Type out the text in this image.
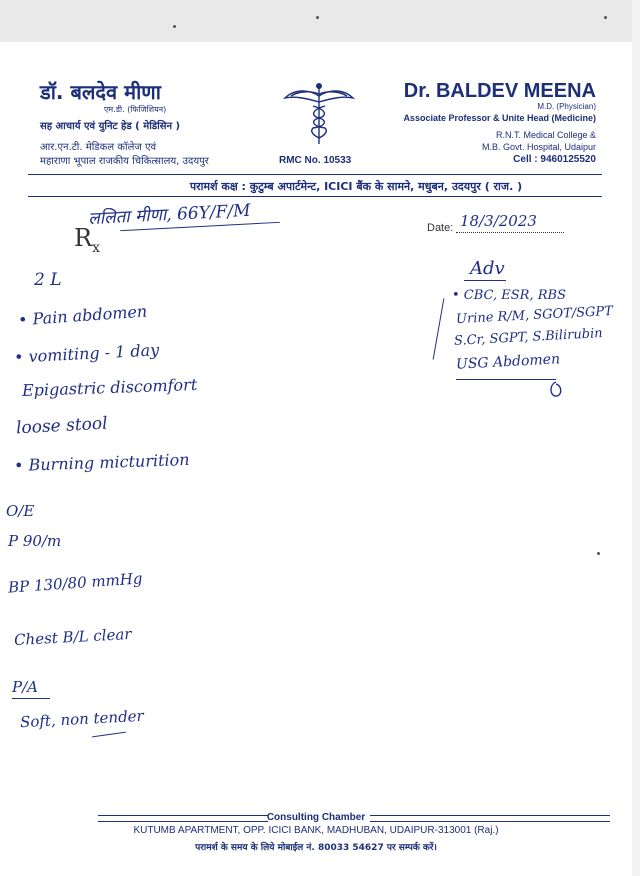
डॉ. बलदेव मीणा
एम.डी. (फिजिशियन)
सह आचार्य एवं युनिट हेड ( मेडिसिन )
आर.एन.टी. मेडिकल कॉलेज एवं
महाराणा भूपाल राजकीय चिकित्सालय, उदयपुर	RMC No. 10533
Dr. BALDEV MEENA
M.D. (Physician)
Associate Professor & Unite Head (Medicine)
R.N.T. Medical College &
M.B. Govt. Hospital, Udaipur
Cell : 9460125520
परामर्श कक्ष : कुटुम्ब अपार्टमेन्ट, ICICI बैंक के सामने, मधुबन, उदयपुर ( राज. )
$R_x$
Date: 18/3/2023
ललिता मीणा, 66Y/F/M
2 L
• Pain abdomen
• vomiting - 1 day
Epigastric discomfort
loose stool
• Burning micturition
O/E
P 90/m
BP 130/80 mmHg
Chest B/L clear
P/A
Soft, non tender
Adv
• CBC, ESR, RBS
Urine R/M, SGOT/SGPT
S.Cr, SGPT, S.Bilirubin
USG Abdomen
Consulting Chamber
KUTUMB APARTMENT, OPP. ICICI BANK, MADHUBAN, UDAIPUR-313001 (Raj.)
परामर्श के समय के लिये मोबाईल नं. 80033 54627 पर सम्पर्क करें।
